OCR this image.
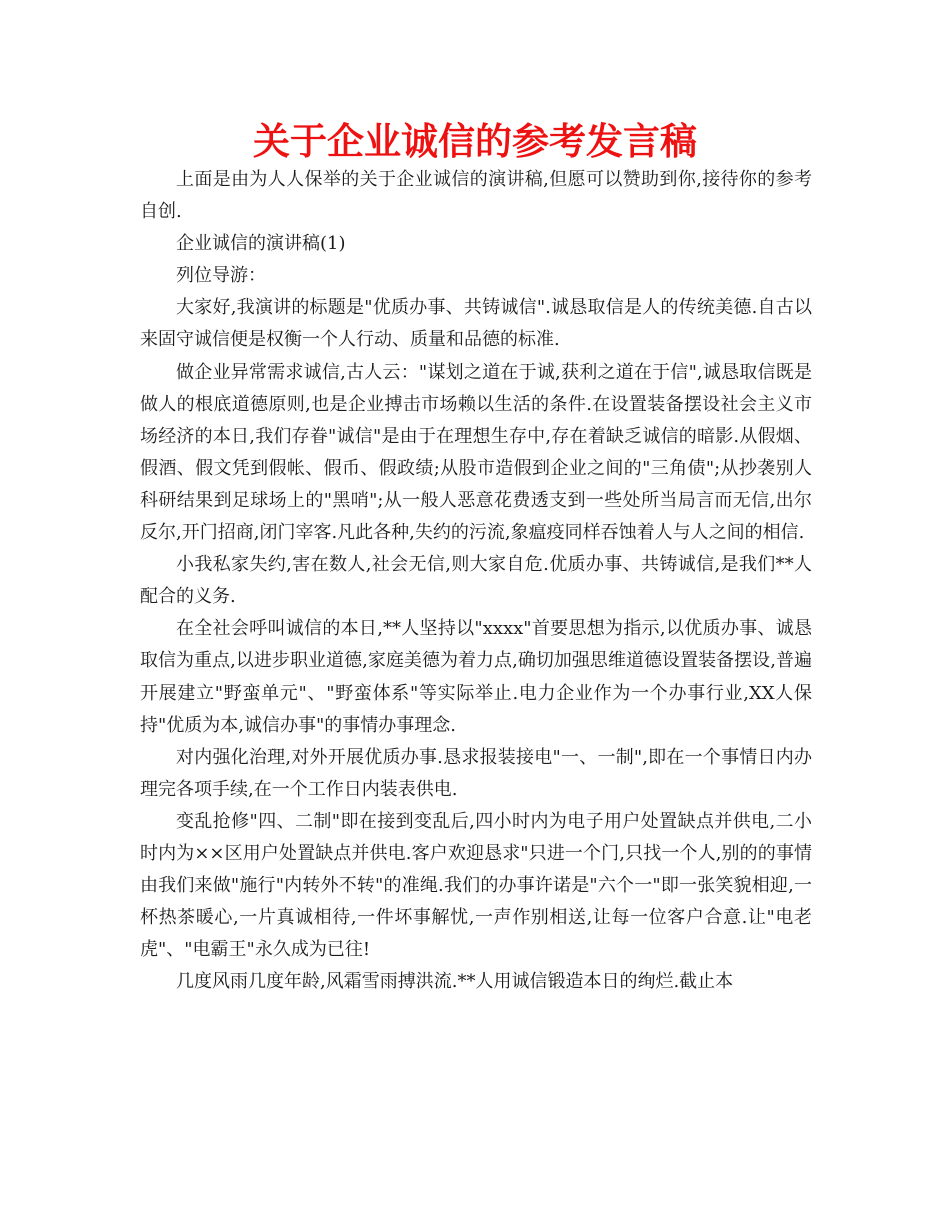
关于企业诚信的参考发言稿

上面是由为人人保举的关于企业诚信的演讲稿,但愿可以赞助到你,接待你的参考自创.

企业诚信的演讲稿(1)

列位导游：

大家好,我演讲的标题是"优质办事、共铸诚信".诚恳取信是人的传统美德.自古以来固守诚信便是权衡一个人行动、质量和品德的标准.

做企业异常需求诚信,古人云："谋划之道在于诚,获利之道在于信",诚恳取信既是做人的根底道德原则,也是企业搏击市场赖以生活的条件.在设置装备摆设社会主义市场经济的本日,我们存眷"诚信"是由于在理想生存中,存在着缺乏诚信的暗影.从假烟、假酒、假文凭到假帐、假币、假政绩;从股市造假到企业之间的"三角债";从抄袭别人科研结果到足球场上的"黑哨";从一般人恶意花费透支到一些处所当局言而无信,出尔反尔,开门招商,闭门宰客.凡此各种,失约的污流,象瘟疫同样吞蚀着人与人之间的相信.

小我私家失约,害在数人,社会无信,则大家自危.优质办事、共铸诚信,是我们**人配合的义务.

在全社会呼叫诚信的本日,**人坚持以"xxxx"首要思想为指示,以优质办事、诚恳取信为重点,以进步职业道德,家庭美德为着力点,确切加强思维道德设置装备摆设,普遍开展建立"野蛮单元"、"野蛮体系"等实际举止.电力企业作为一个办事行业,XX人保持"优质为本,诚信办事"的事情办事理念.

对内强化治理,对外开展优质办事.恳求报装接电"一、一制",即在一个事情日内办理完各项手续,在一个工作日内装表供电.

变乱抢修"四、二制"即在接到变乱后,四小时内为电子用户处置缺点并供电,二小时内为××区用户处置缺点并供电.客户欢迎恳求"只进一个门,只找一个人,别的的事情由我们来做"施行"内转外不转"的准绳.我们的办事许诺是"六个一"即一张笑貌相迎,一杯热茶暖心,一片真诚相待,一件坏事解忧,一声作别相送,让每一位客户合意.让"电老虎"、"电霸王"永久成为已往!

几度风雨几度年龄,风霜雪雨搏洪流.**人用诚信锻造本日的绚烂.截止本
